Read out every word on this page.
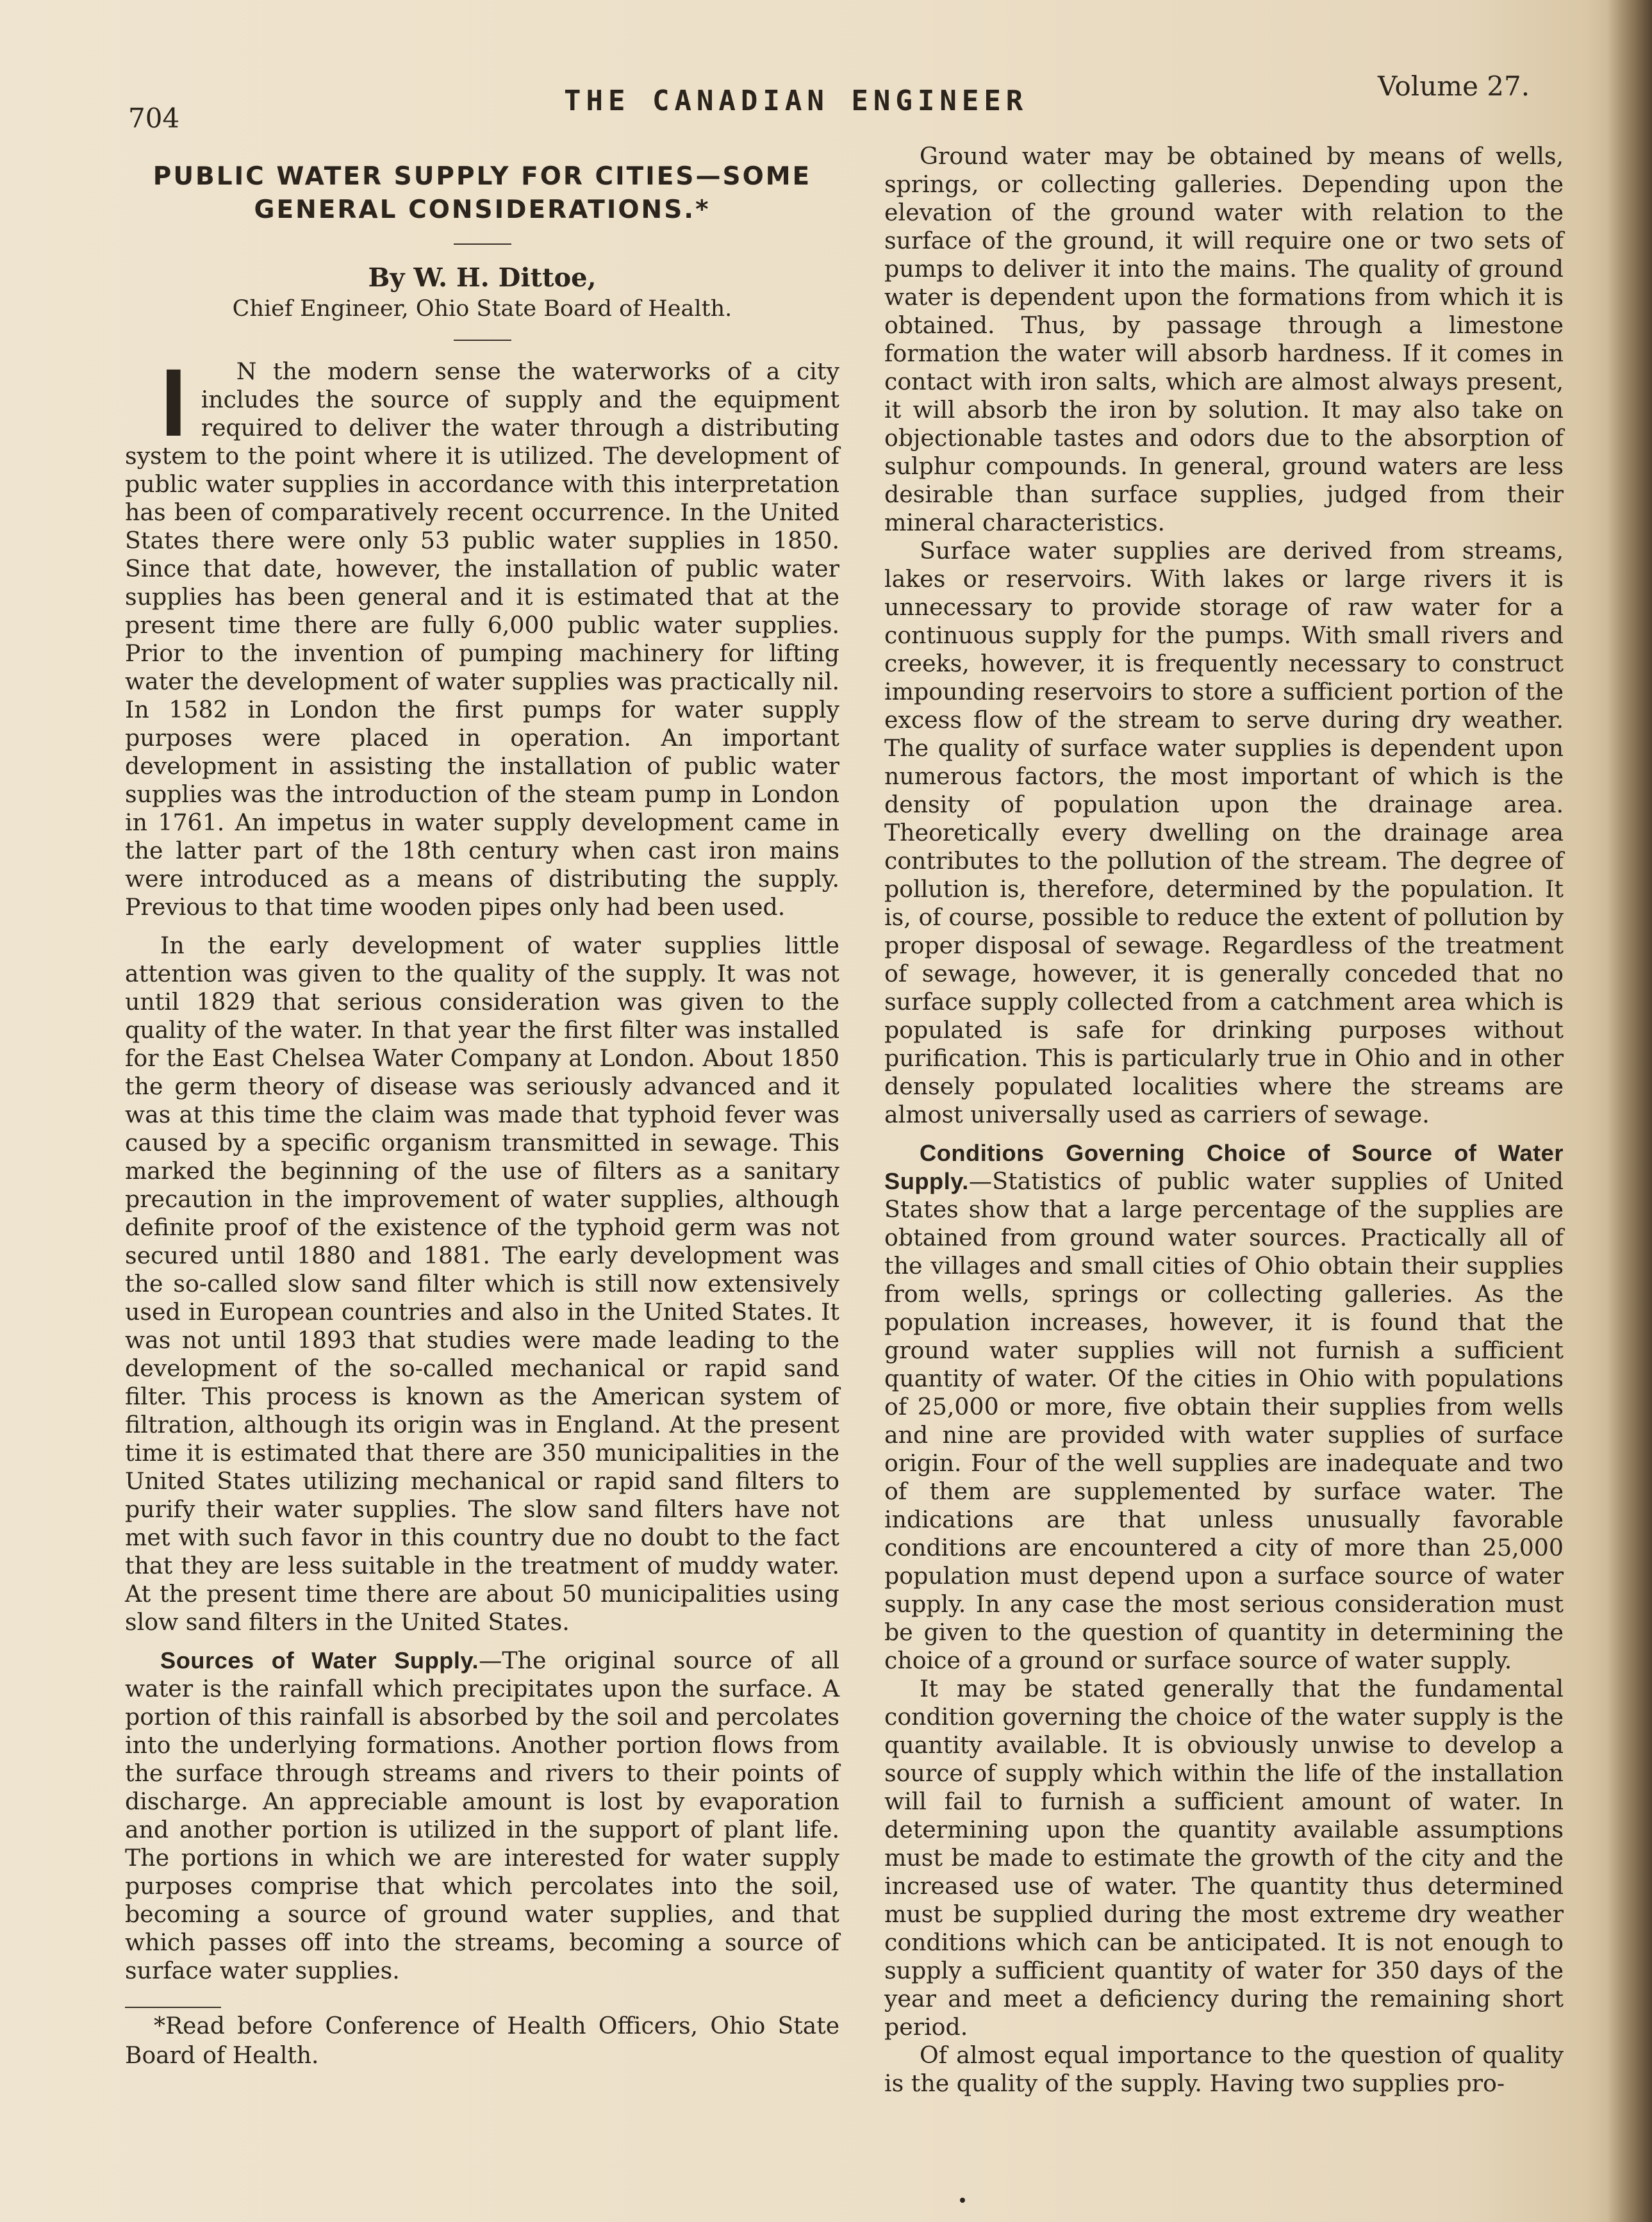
704
THE CANADIAN ENGINEER	Volume 27.
PUBLIC WATER SUPPLY FOR CITIES—SOME GENERAL CONSIDERATIONS.*
By W. H. Dittoe,
Chief Engineer, Ohio State Board of Health.

I N the modern sense the waterworks of a city includes the source of supply and the equipment required to deliver the water through a distributing system to the point where it is utilized. The development of public water supplies in accordance with this interpretation has been of comparatively recent occurrence. In the United States there were only 53 public water supplies in 1850. Since that date, however, the installation of public water supplies has been general and it is estimated that at the present time there are fully 6,000 public water supplies. Prior to the invention of pumping machinery for lifting water the development of water supplies was practically nil. In 1582 in London the first pumps for water supply purposes were placed in operation. An important development in assisting the installation of public water supplies was the introduction of the steam pump in London in 1761. An impetus in water supply development came in the latter part of the 18th century when cast iron mains were introduced as a means of distributing the supply. Previous to that time wooden pipes only had been used.

In the early development of water supplies little attention was given to the quality of the supply. It was not until 1829 that serious consideration was given to the quality of the water. In that year the first filter was installed for the East Chelsea Water Company at London. About 1850 the germ theory of disease was seriously advanced and it was at this time the claim was made that typhoid fever was caused by a specific organism transmitted in sewage. This marked the beginning of the use of filters as a sanitary precaution in the improvement of water supplies, although definite proof of the existence of the typhoid germ was not secured until 1880 and 1881. The early development was the so-called slow sand filter which is still now extensively used in European countries and also in the United States. It was not until 1893 that studies were made leading to the development of the so-called mechanical or rapid sand filter. This process is known as the American system of filtration, although its origin was in England. At the present time it is estimated that there are 350 municipalities in the United States utilizing mechanical or rapid sand filters to purify their water supplies. The slow sand filters have not met with such favor in this country due no doubt to the fact that they are less suitable in the treatment of muddy water. At the present time there are about 50 municipalities using slow sand filters in the United States.

Sources of Water Supply.—The original source of all water is the rainfall which precipitates upon the surface. A portion of this rainfall is absorbed by the soil and percolates into the underlying formations. Another portion flows from the surface through streams and rivers to their points of discharge. An appreciable amount is lost by evaporation and another portion is utilized in the support of plant life. The portions in which we are interested for water supply purposes comprise that which percolates into the soil, becoming a source of ground water supplies, and that which passes off into the streams, becoming a source of surface water supplies.

*Read before Conference of Health Officers, Ohio State Board of Health.

Ground water may be obtained by means of wells, springs, or collecting galleries. Depending upon the elevation of the ground water with relation to the surface of the ground, it will require one or two sets of pumps to deliver it into the mains. The quality of ground water is dependent upon the formations from which it is obtained. Thus, by passage through a limestone formation the water will absorb hardness. If it comes in contact with iron salts, which are almost always present, it will absorb the iron by solution. It may also take on objectionable tastes and odors due to the absorption of sulphur compounds. In general, ground waters are less desirable than surface supplies, judged from their mineral characteristics.

Surface water supplies are derived from streams, lakes or reservoirs. With lakes or large rivers it is unnecessary to provide storage of raw water for a continuous supply for the pumps. With small rivers and creeks, however, it is frequently necessary to construct impounding reservoirs to store a sufficient portion of the excess flow of the stream to serve during dry weather. The quality of surface water supplies is dependent upon numerous factors, the most important of which is the density of population upon the drainage area. Theoretically every dwelling on the drainage area contributes to the pollution of the stream. The degree of pollution is, therefore, determined by the population. It is, of course, possible to reduce the extent of pollution by proper disposal of sewage. Regardless of the treatment of sewage, however, it is generally conceded that no surface supply collected from a catchment area which is populated is safe for drinking purposes without purification. This is particularly true in Ohio and in other densely populated localities where the streams are almost universally used as carriers of sewage.

Conditions Governing Choice of Source of Water Supply.—Statistics of public water supplies of United States show that a large percentage of the supplies are obtained from ground water sources. Practically all of the villages and small cities of Ohio obtain their supplies from wells, springs or collecting galleries. As the population increases, however, it is found that the ground water supplies will not furnish a sufficient quantity of water. Of the cities in Ohio with populations of 25,000 or more, five obtain their supplies from wells and nine are provided with water supplies of surface origin. Four of the well supplies are inadequate and two of them are supplemented by surface water. The indications are that unless unusually favorable conditions are encountered a city of more than 25,000 population must depend upon a surface source of water supply. In any case the most serious consideration must be given to the question of quantity in determining the choice of a ground or surface source of water supply.

It may be stated generally that the fundamental condition governing the choice of the water supply is the quantity available. It is obviously unwise to develop a source of supply which within the life of the installation will fail to furnish a sufficient amount of water. In determining upon the quantity available assumptions must be made to estimate the growth of the city and the increased use of water. The quantity thus determined must be supplied during the most extreme dry weather conditions which can be anticipated. It is not enough to supply a sufficient quantity of water for 350 days of the year and meet a deficiency during the remaining short period.

Of almost equal importance to the question of quality is the quality of the supply. Having two supplies pro-
